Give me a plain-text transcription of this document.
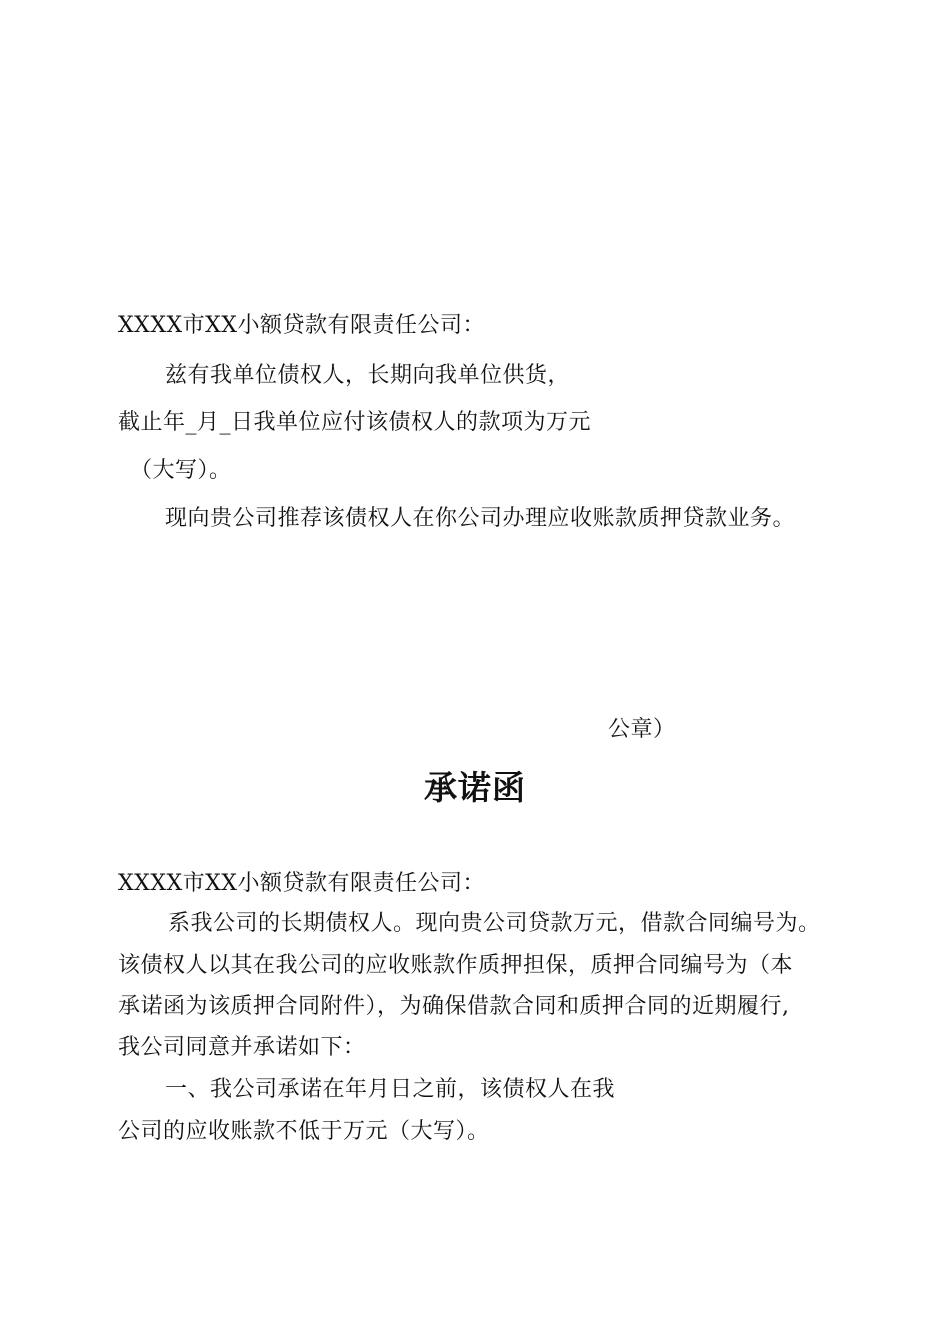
XXXX市XX小额贷款有限责任公司：
兹有我单位债权人，长期向我单位供货，
截止年_月_日我单位应付该债权人的款项为万元
（大写）。
现向贵公司推荐该债权人在你公司办理应收账款质押贷款业务。
公章）
承诺函
XXXX市XX小额贷款有限责任公司：
系我公司的长期债权人。现向贵公司贷款万元，借款合同编号为。
该债权人以其在我公司的应收账款作质押担保，质押合同编号为（本
承诺函为该质押合同附件），为确保借款合同和质押合同的近期履行,
我公司同意并承诺如下：
一、我公司承诺在年月日之前，该债权人在我
公司的应收账款不低于万元（大写）。
